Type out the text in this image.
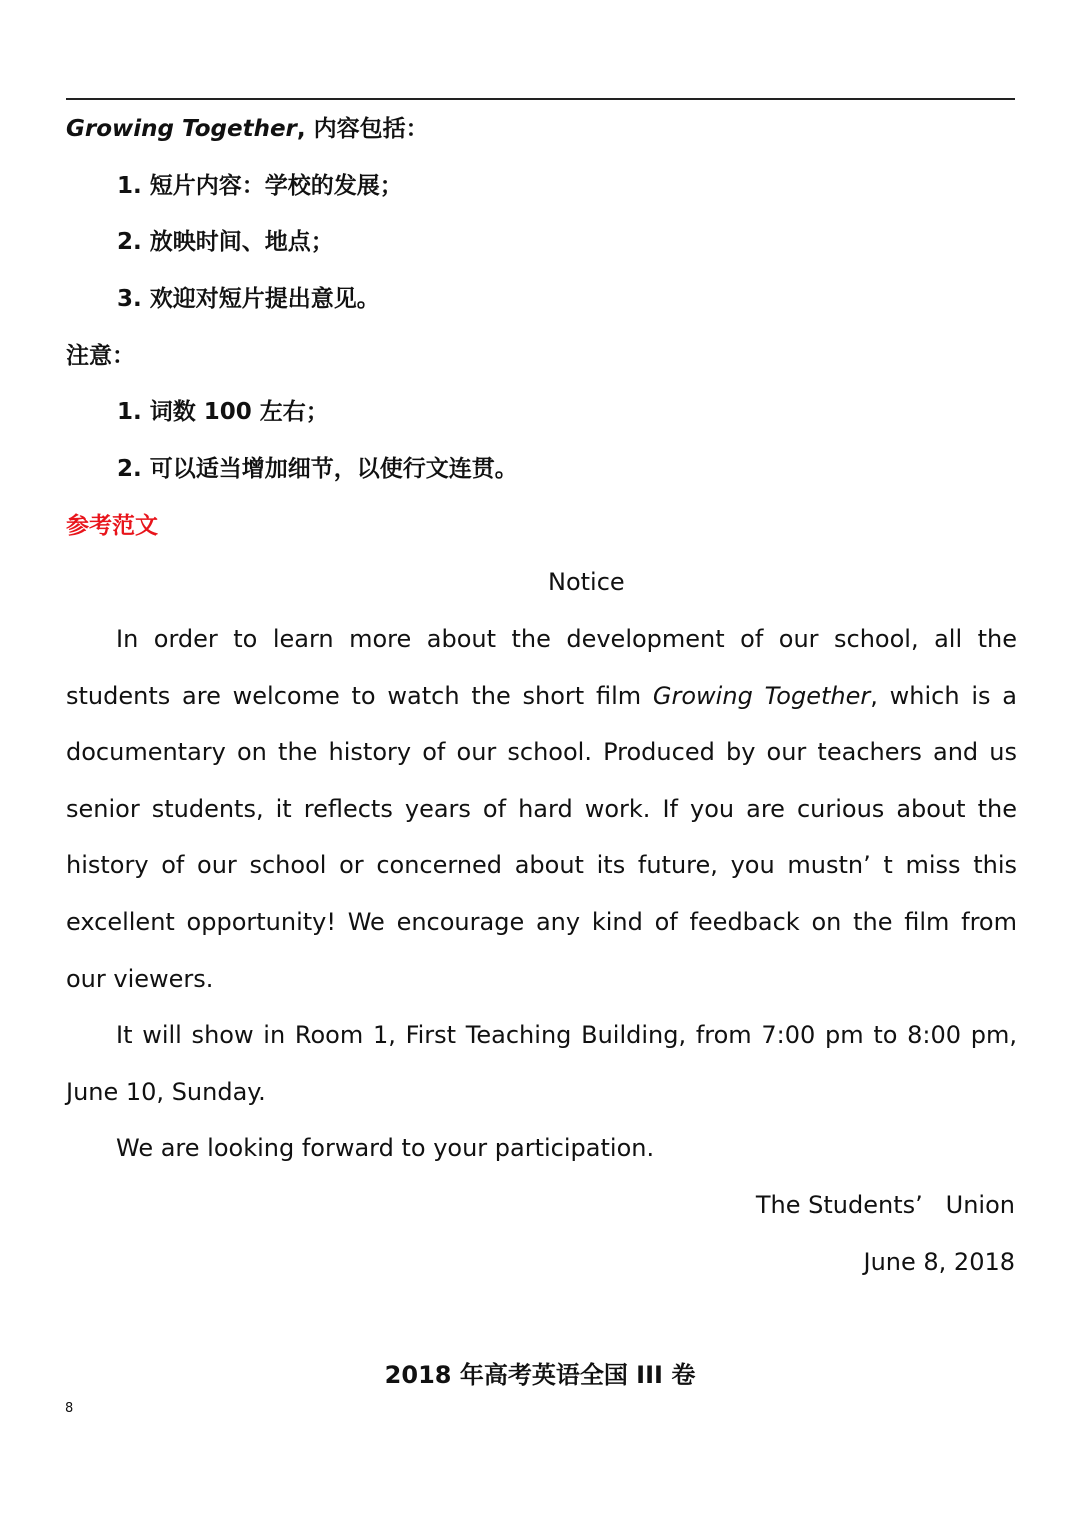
Growing Together, 内容包括：
1. 短片内容：学校的发展；
2. 放映时间、地点；
3. 欢迎对短片提出意见。
注意：
1. 词数 100 左右；
2. 可以适当增加细节，以使行文连贯。
参考范文
Notice

In order to learn more about the development of our school, all the students are welcome to watch the short film Growing Together, which is a documentary on the history of our school. Produced by our teachers and us senior students, it reflects years of hard work. If you are curious about the history of our school or concerned about its future, you mustn’ t miss this excellent opportunity! We encourage any kind of feedback on the film from our viewers.

It will show in Room 1, First Teaching Building, from 7:00 pm to 8:00 pm, June 10, Sunday.

We are looking forward to your participation.

The Students’   Union
June 8, 2018
2018 年高考英语全国 III 卷
8
